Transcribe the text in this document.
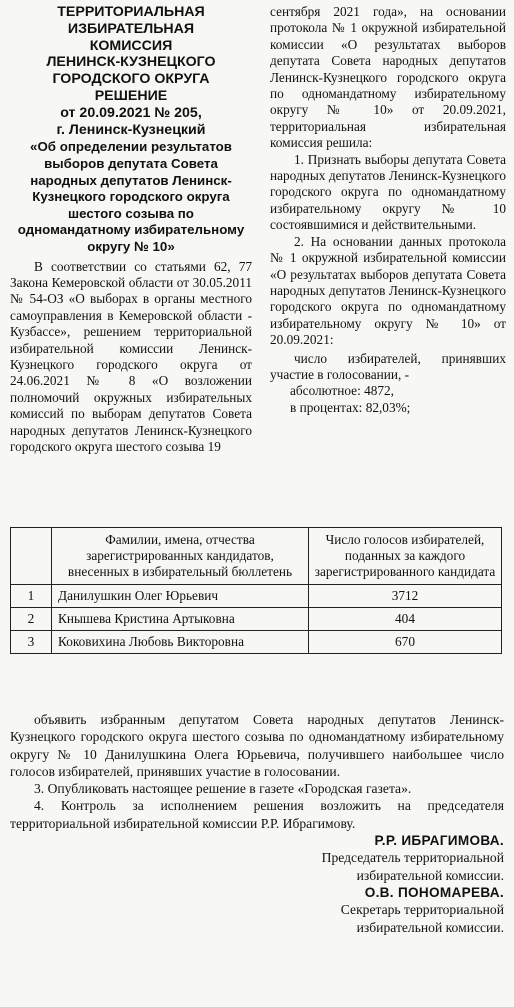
ТЕРРИТОРИАЛЬНАЯ
ИЗБИРАТЕЛЬНАЯ
КОМИССИЯ
ЛЕНИНСК-КУЗНЕЦКОГО
ГОРОДСКОГО ОКРУГА
РЕШЕНИЕ
от 20.09.2021 № 205,
г. Ленинск-Кузнецкий
«Об определении результатов выборов депутата Совета народных депутатов Ленинск-Кузнецкого городского округа шестого созыва по одномандатному избирательному округу № 10»

В соответствии со статьями 62, 77 Закона Кемеровской области от 30.05.2011 № 54-ОЗ «О выборах в органы местного самоуправления в Кемеровской области - Кузбассе», решением территориальной избирательной комиссии Ленинск-Кузнецкого городского округа от 24.06.2021 № 8 «О возложении полномочий окружных избирательных комиссий по выборам депутатов Совета народных депутатов Ленинск-Кузнецкого городского округа шестого созыва 19

сентября 2021 года», на основании протокола № 1 окружной избирательной комиссии «О результатах выборов депутата Совета народных депутатов Ленинск-Кузнецкого городского округа по одномандатному избирательному округу № 10» от 20.09.2021, территориальная избирательная комиссия решила:

1. Признать выборы депутата Совета народных депутатов Ленинск-Кузнецкого городского округа по одномандатному избирательному округу № 10 состоявшимися и действительными.

2. На основании данных протокола № 1 окружной избирательной комиссии «О результатах выборов депутата Совета народных депутатов Ленинск-Кузнецкого городского округа по одномандатному избирательному округу № 10» от 20.09.2021:

число избирателей, принявших участие в голосовании, -
абсолютное: 4872,
в процентах: 82,03%;
	Фамилии, имена, отчества зарегистрированных кандидатов, внесенных в избирательный бюллетень	Число голосов избирателей, поданных за каждого зарегистрированного кандидата
1	Данилушкин Олег Юрьевич	3712
2	Кнышева Кристина Артыковна	404
3	Коковихина Любовь Викторовна	670

объявить избранным депутатом Совета народных депутатов Ленинск-Кузнецкого городского округа шестого созыва по одномандатному избирательному округу № 10 Данилушкина Олега Юрьевича, получившего наибольшее число голосов избирателей, принявших участие в голосовании.

3. Опубликовать настоящее решение в газете «Городская газета».

4. Контроль за исполнением решения возложить на председателя территориальной избирательной комиссии Р.Р. Ибрагимову.

Р.Р. ИБРАГИМОВА.
Председатель территориальной избирательной комиссии.
О.В. ПОНОМАРЕВА.
Секретарь территориальной избирательной комиссии.
